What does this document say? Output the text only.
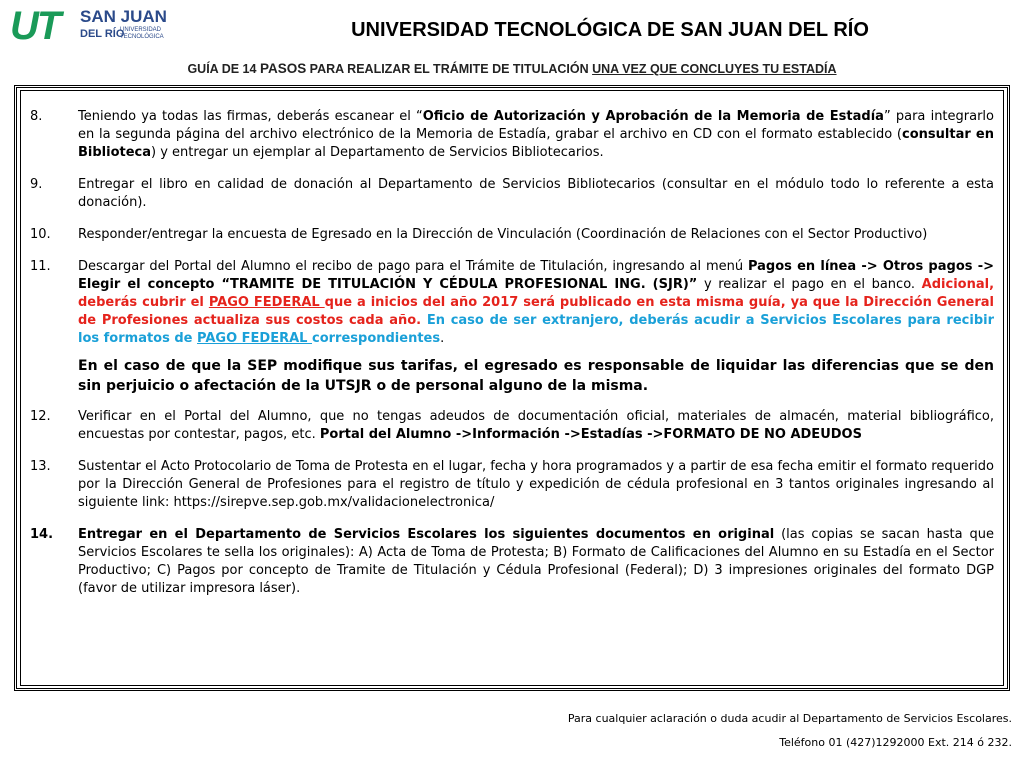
UT SAN JUAN
DEL RÍO
UNIVERSIDAD TECNOLÓGICA	UNIVERSIDAD TECNOLÓGICA DE SAN JUAN DEL RÍO
GUÍA DE 14 PASOS PARA REALIZAR EL TRÁMITE DE TITULACIÓN UNA VEZ QUE CONCLUYES TU ESTADÍA
8.	Teniendo ya todas las firmas, deberás escanear el “Oficio de Autorización y Aprobación de la Memoria de Estadía” para integrarlo en la segunda página del archivo electrónico de la Memoria de Estadía, grabar el archivo en CD con el formato establecido (consultar en Biblioteca) y entregar un ejemplar al Departamento de Servicios Bibliotecarios.
9.	Entregar el libro en calidad de donación al Departamento de Servicios Bibliotecarios (consultar en el módulo todo lo referente a esta donación).
10. Responder/entregar la encuesta de Egresado en la Dirección de Vinculación (Coordinación de Relaciones con el Sector Productivo)
11. Descargar del Portal del Alumno el recibo de pago para el Trámite de Titulación, ingresando al menú Pagos en línea -> Otros pagos -> Elegir el concepto “TRAMITE DE TITULACIÓN Y CÉDULA PROFESIONAL ING. (SJR)” y realizar el pago en el banco. Adicional, deberás cubrir el PAGO FEDERAL que a inicios del año 2017 será publicado en esta misma guía, ya que la Dirección General de Profesiones actualiza sus costos cada año. En caso de ser extranjero, deberás acudir a Servicios Escolares para recibir los formatos de PAGO FEDERAL correspondientes.
En el caso de que la SEP modifique sus tarifas, el egresado es responsable de liquidar las diferencias que se den sin perjuicio o afectación de la UTSJR o de personal alguno de la misma.
12. Verificar en el Portal del Alumno, que no tengas adeudos de documentación oficial, materiales de almacén, material bibliográfico, encuestas por contestar, pagos, etc. Portal del Alumno ->Información ->Estadías ->FORMATO DE NO ADEUDOS
13. Sustentar el Acto Protocolario de Toma de Protesta en el lugar, fecha y hora programados y a partir de esa fecha emitir el formato requerido por la Dirección General de Profesiones para el registro de título y expedición de cédula profesional en 3 tantos originales ingresando al siguiente link: https://sirepve.sep.gob.mx/validacionelectronica/
14. Entregar en el Departamento de Servicios Escolares los siguientes documentos en original (las copias se sacan hasta que Servicios Escolares te sella los originales): A) Acta de Toma de Protesta; B) Formato de Calificaciones del Alumno en su Estadía en el Sector Productivo; C) Pagos por concepto de Tramite de Titulación y Cédula Profesional (Federal); D) 3 impresiones originales del formato DGP (favor de utilizar impresora láser).
Para cualquier aclaración o duda acudir al Departamento de Servicios Escolares.
Teléfono 01 (427)1292000 Ext. 214 ó 232.
